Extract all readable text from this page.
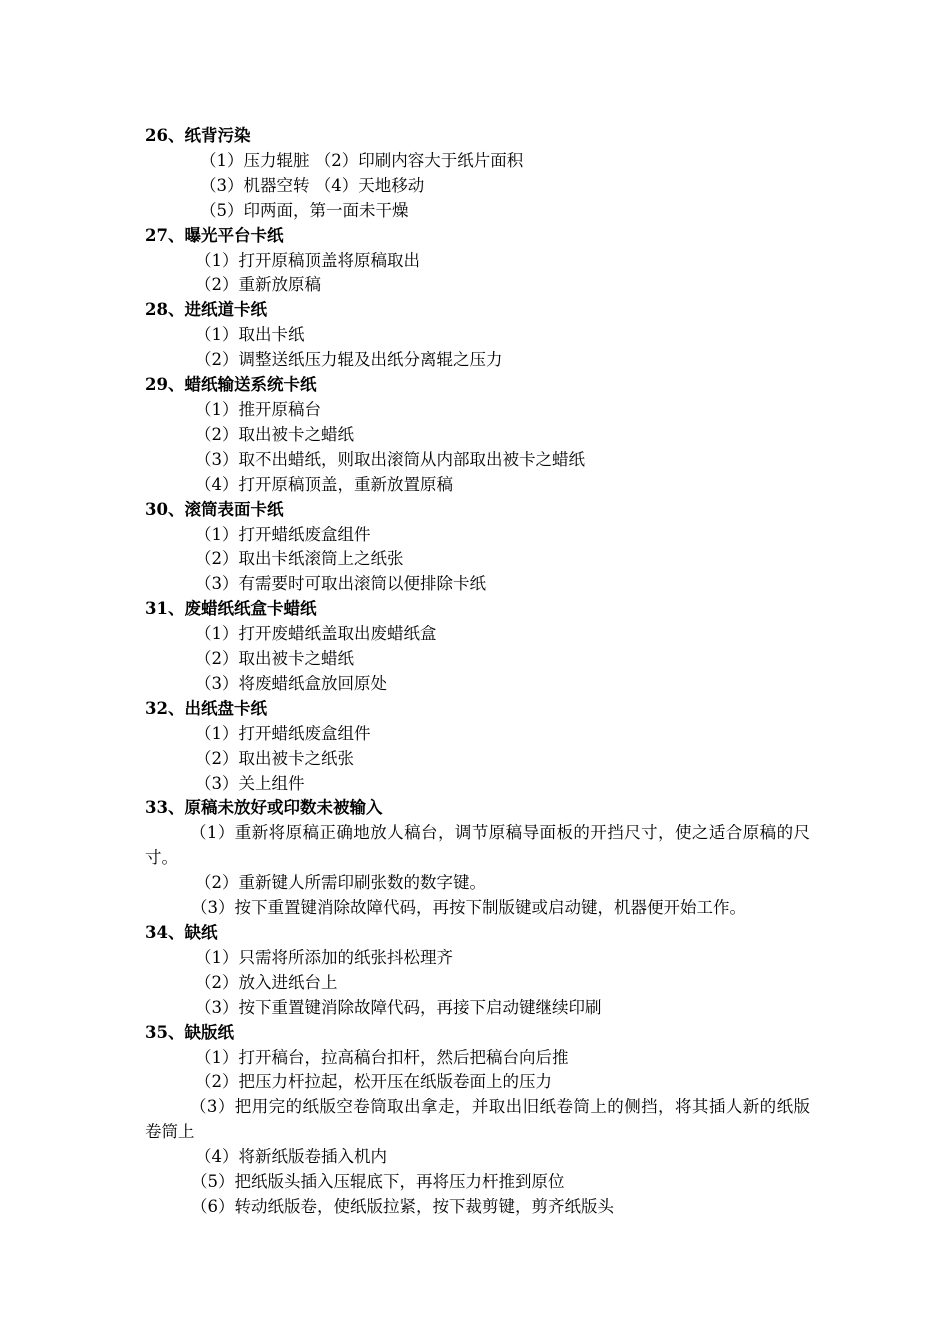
26、纸背污染
（1）压力辊脏 （2）印刷内容大于纸片面积
（3）机器空转 （4）天地移动
（5）印两面，第一面未干燥
27、曝光平台卡纸
（1）打开原稿顶盖将原稿取出
（2）重新放原稿
28、进纸道卡纸
（1）取出卡纸
（2）调整送纸压力辊及出纸分离辊之压力
29、蜡纸输送系统卡纸
（1）推开原稿台
（2）取出被卡之蜡纸
（3）取不出蜡纸，则取出滚筒从内部取出被卡之蜡纸
（4）打开原稿顶盖，重新放置原稿
30、滚筒表面卡纸
（1）打开蜡纸废盒组件
（2）取出卡纸滚筒上之纸张
（3）有需要时可取出滚筒以便排除卡纸
31、废蜡纸纸盒卡蜡纸
（1）打开废蜡纸盖取出废蜡纸盒
（2）取出被卡之蜡纸
（3）将废蜡纸盒放回原处
32、出纸盘卡纸
（1）打开蜡纸废盒组件
（2）取出被卡之纸张
（3）关上组件
33、原稿未放好或印数未被输入
（1）重新将原稿正确地放人稿台，调节原稿导面板的开挡尺寸，使之适合原稿的尺寸。
（2）重新键人所需印刷张数的数字键。
（3）按下重置键消除故障代码，再按下制版键或启动键，机器便开始工作。
34、缺纸
（1）只需将所添加的纸张抖松理齐
（2）放入进纸台上
（3）按下重置键消除故障代码，再接下启动键继续印刷
35、缺版纸
（1）打开稿台，拉高稿台扣杆，然后把稿台向后推
（2）把压力杆拉起，松开压在纸版卷面上的压力
（3）把用完的纸版空卷筒取出拿走，并取出旧纸卷筒上的侧挡，将其插人新的纸版卷筒上
（4）将新纸版卷插入机内
（5）把纸版头插入压辊底下，再将压力杆推到原位
（6）转动纸版卷，使纸版拉紧，按下裁剪键，剪齐纸版头
